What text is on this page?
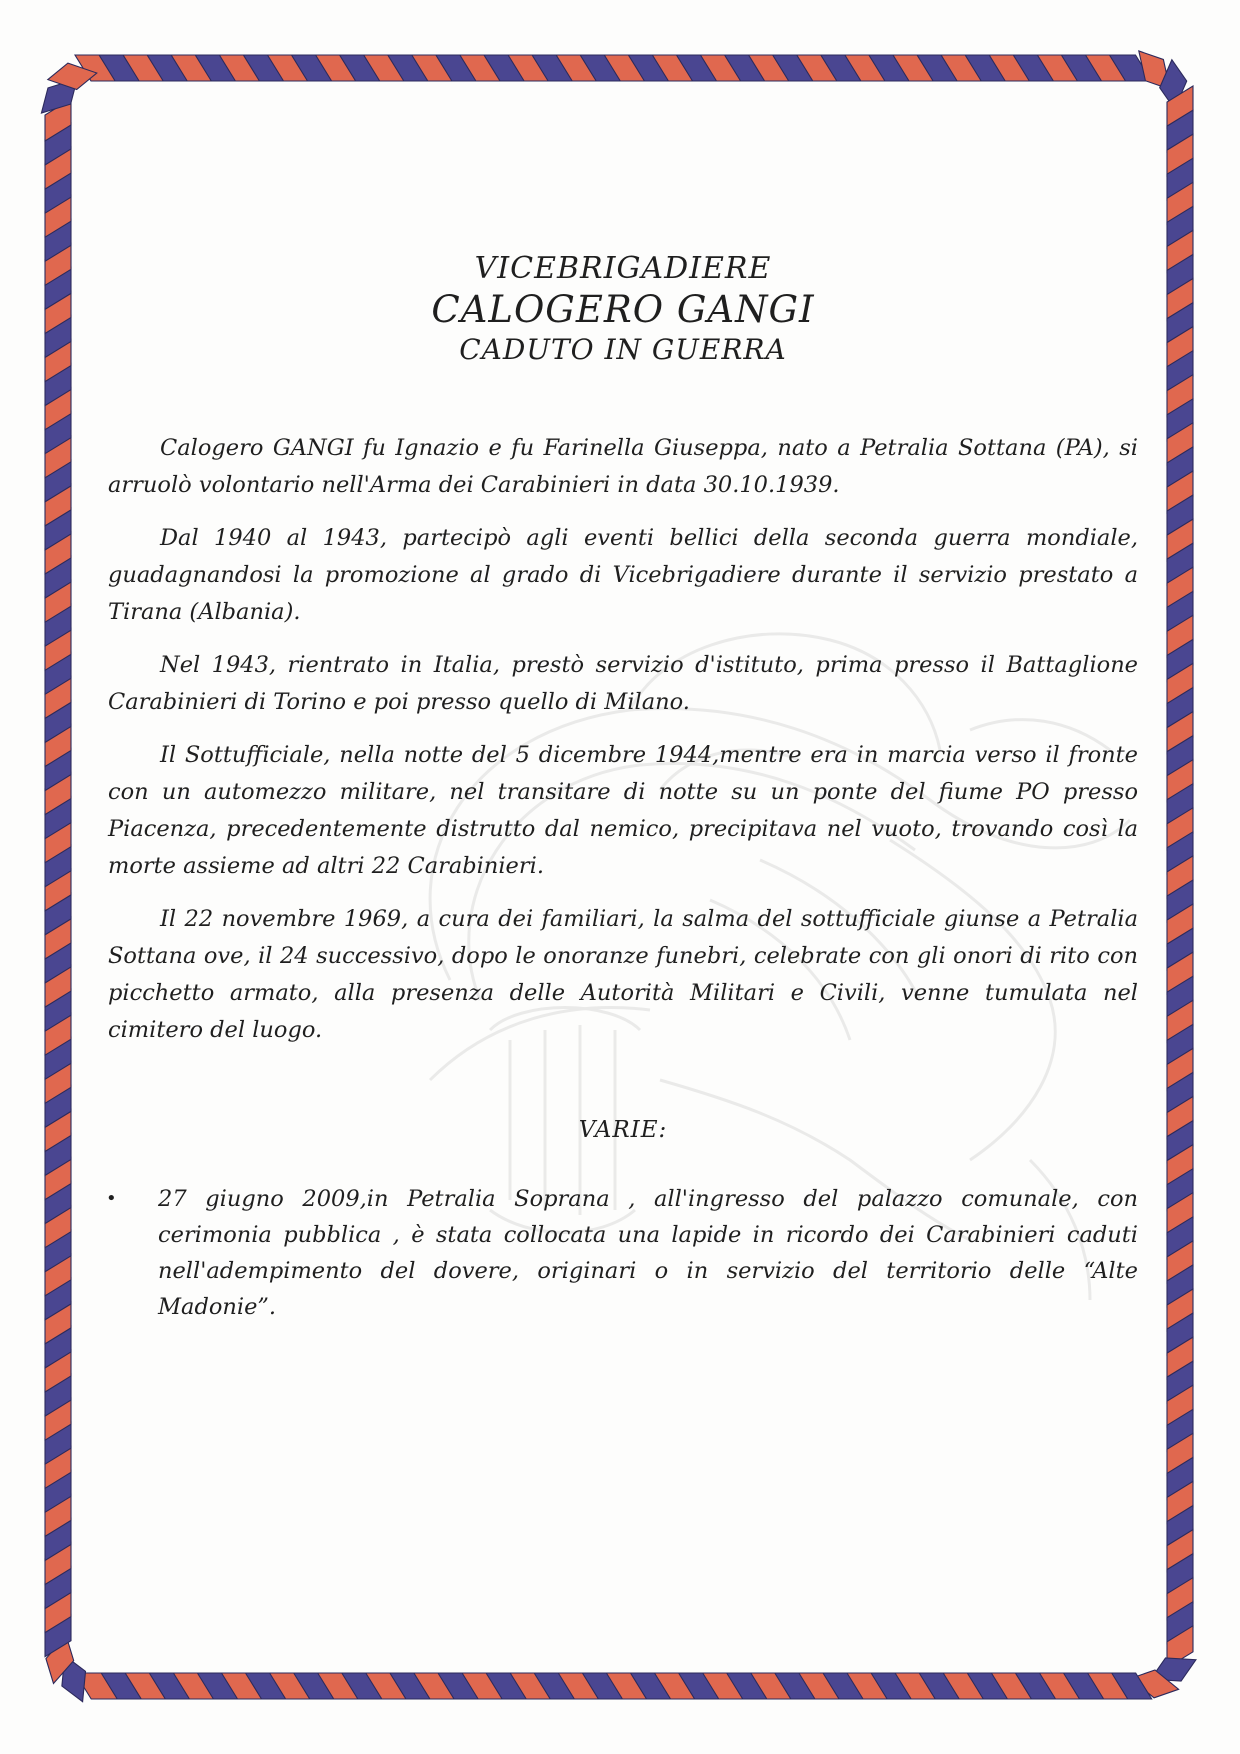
VICEBRIGADIERE
CALOGERO GANGI
CADUTO IN GUERRA

Calogero GANGI fu Ignazio e fu Farinella Giuseppa, nato a Petralia Sottana (PA), si arruolò volontario nell'Arma dei Carabinieri in data 30.10.1939.

Dal 1940 al 1943, partecipò agli eventi bellici della seconda guerra mondiale, guadagnandosi la promozione al grado di Vicebrigadiere durante il servizio prestato a Tirana (Albania).

Nel 1943, rientrato in Italia, prestò servizio d'istituto, prima presso il Battaglione Carabinieri di Torino e poi presso quello di Milano.

Il Sottufficiale, nella notte del 5 dicembre 1944,mentre era in marcia verso il fronte con un automezzo militare, nel transitare di notte su un ponte del fiume PO presso Piacenza, precedentemente distrutto dal nemico, precipitava nel vuoto, trovando così la morte assieme ad altri 22 Carabinieri.

Il 22 novembre 1969, a cura dei familiari, la salma del sottufficiale giunse a Petralia Sottana ove, il 24 successivo, dopo le onoranze funebri, celebrate con gli onori di rito con picchetto armato, alla presenza delle Autorità Militari e Civili, venne tumulata nel cimitero del luogo.

VARIE:
• 27 giugno 2009,in Petralia Soprana , all'ingresso del palazzo comunale, con cerimonia pubblica , è stata collocata una lapide in ricordo dei Carabinieri caduti nell'adempimento del dovere, originari o in servizio del territorio delle “Alte Madonie”.
